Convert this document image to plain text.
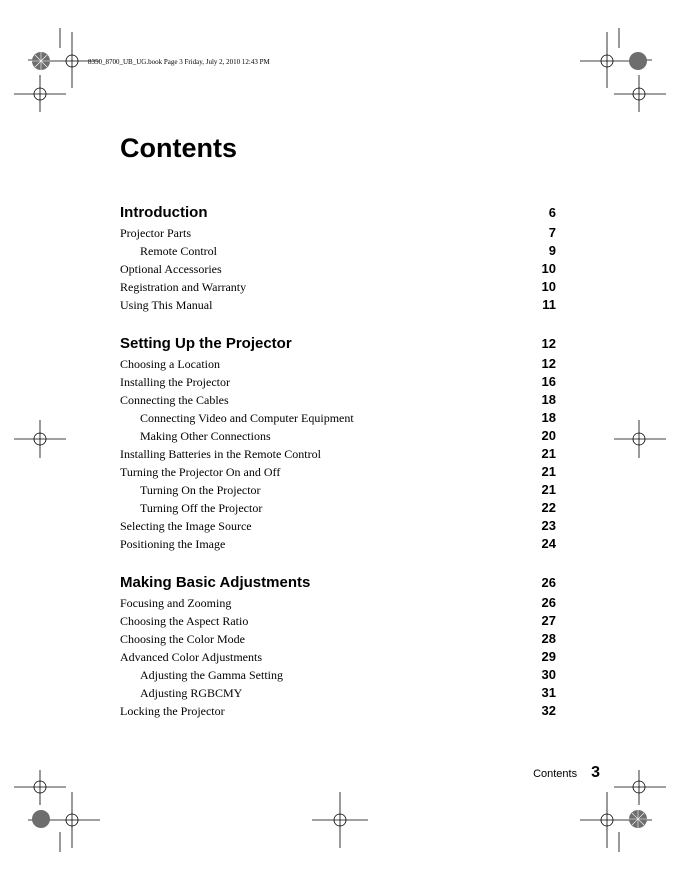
8350_8700_UB_UG.book Page 3 Friday, July 2, 2010 12:43 PM
Contents
Introduction	6
Projector Parts	7
Remote Control	9
Optional Accessories	10
Registration and Warranty	10
Using This Manual	11
Setting Up the Projector	12
Choosing a Location	12
Installing the Projector	16
Connecting the Cables	18
Connecting Video and Computer Equipment	18
Making Other Connections	20
Installing Batteries in the Remote Control	21
Turning the Projector On and Off	21
Turning On the Projector	21
Turning Off the Projector	22
Selecting the Image Source	23
Positioning the Image	24
Making Basic Adjustments	26
Focusing and Zooming	26
Choosing the Aspect Ratio	27
Choosing the Color Mode	28
Advanced Color Adjustments	29
Adjusting the Gamma Setting	30
Adjusting RGBCMY	31
Locking the Projector	32
Contents 3
